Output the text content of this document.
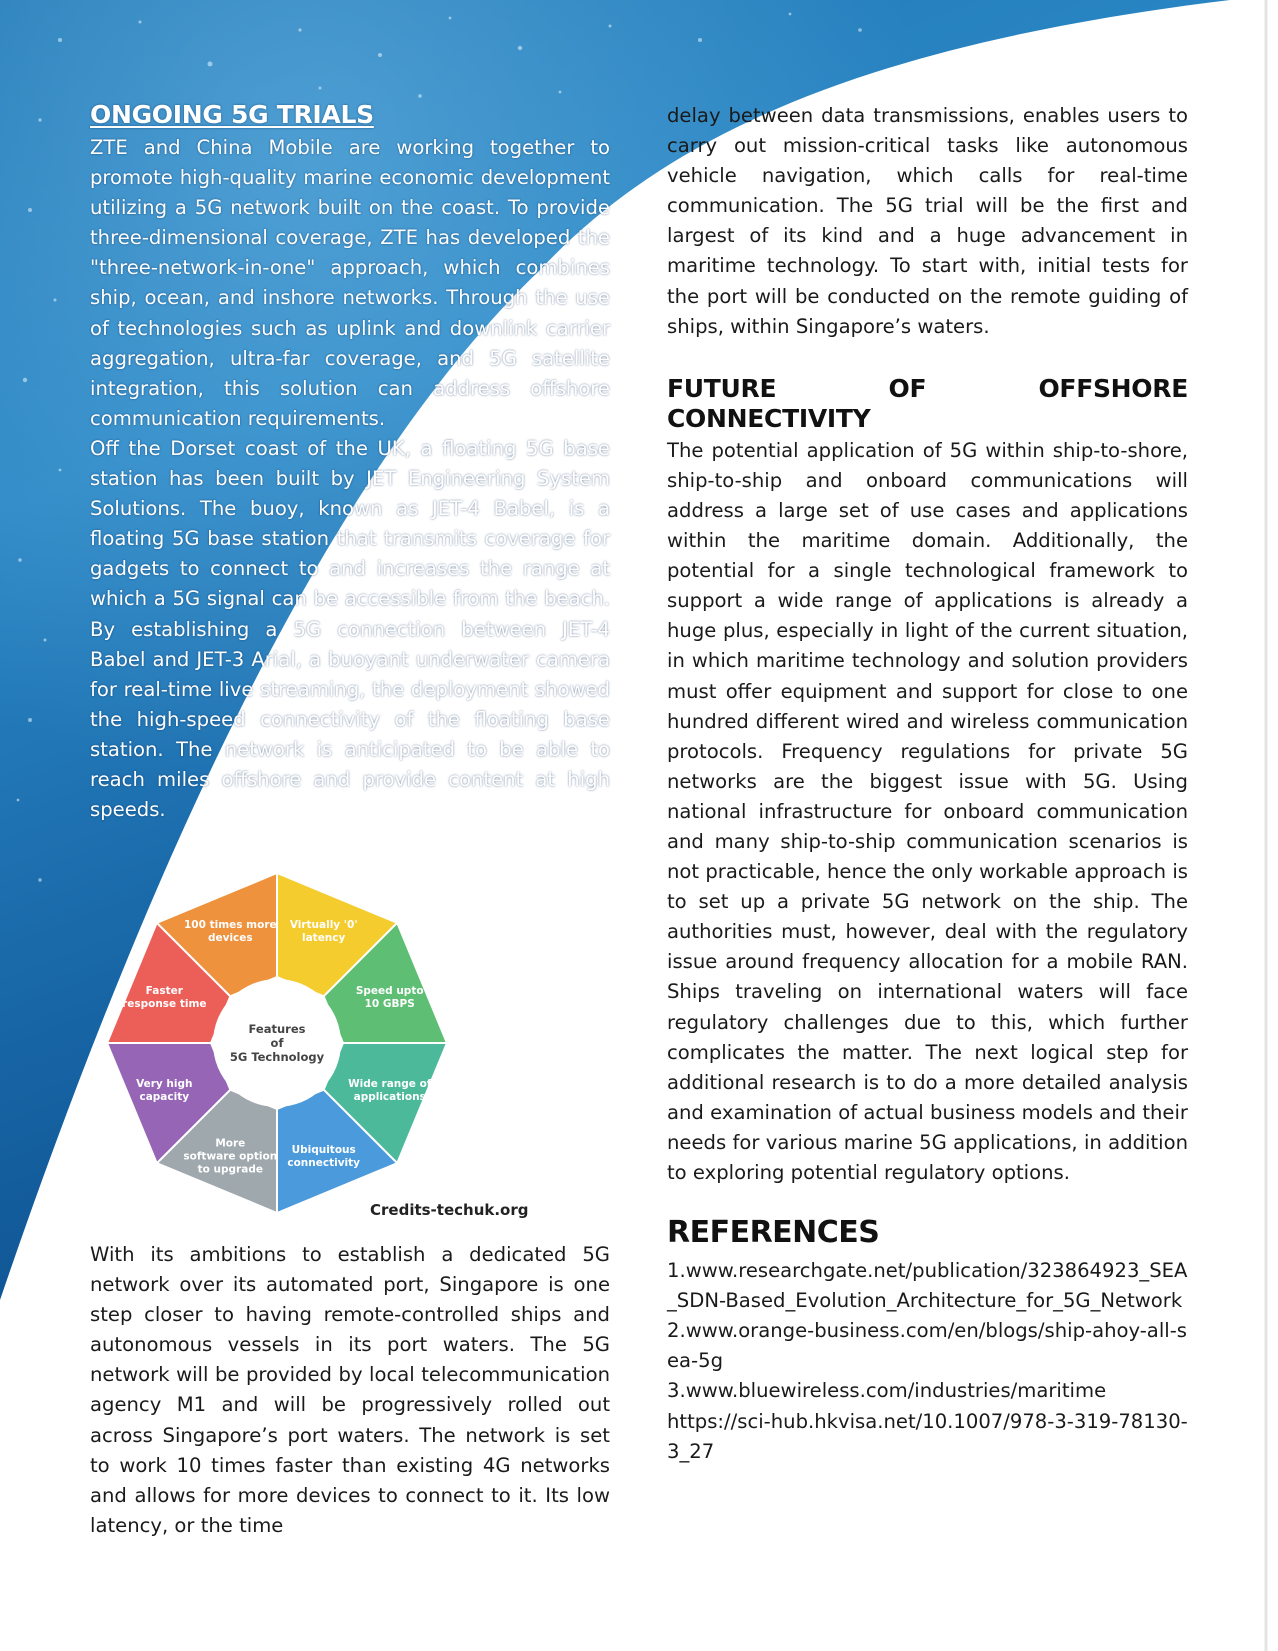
ONGOING 5G TRIALS

ZTE and China Mobile are working together to promote high-quality marine economic development utilizing a 5G network built on the coast. To provide three-dimensional coverage, ZTE has developed the "three-network-in-one" approach, which combines ship, ocean, and inshore networks. Through the use of technologies such as uplink and downlink carrier aggregation, ultra-far coverage, and 5G satellite integration, this solution can address offshore communication requirements.

Off the Dorset coast of the UK, a floating 5G base station has been built by JET Engineering System Solutions. The buoy, known as JET-4 Babel, is a floating 5G base station that transmits coverage for gadgets to connect to and increases the range at which a 5G signal can be accessible from the beach. By establishing a 5G connection between JET-4 Babel and JET-3 Arial, a buoyant underwater camera for real-time live streaming, the deployment showed the high-speed connectivity of the floating base station. The network is anticipated to be able to reach miles offshore and provide content at high speeds.

Virtually '0'
latency
Speed upto
10 GBPS
Wide range of
applications
Ubiquitous
connectivity
More
software option
to upgrade
Very high
capacity
Faster
response time
100 times more
devices
Features
of
5G Technology
Credits-techuk.org

With its ambitions to establish a dedicated 5G network over its automated port, Singapore is one step closer to having remote-controlled ships and autonomous vessels in its port waters. The 5G network will be provided by local telecommunication agency M1 and will be progressively rolled out across Singapore’s port waters. The network is set to work 10 times faster than existing 4G networks and allows for more devices to connect to it. Its low latency, or the time

delay between data transmissions, enables users to carry out mission-critical tasks like autonomous vehicle navigation, which calls for real-time communication. The 5G trial will be the first and largest of its kind and a huge advancement in maritime technology. To start with, initial tests for the port will be conducted on the remote guiding of ships, within Singapore’s waters.

FUTURE OF OFFSHORE CONNECTIVITY

The potential application of 5G within ship-to-shore, ship-to-ship and onboard communications will address a large set of use cases and applications within the maritime domain. Additionally, the potential for a single technological framework to support a wide range of applications is already a huge plus, especially in light of the current situation, in which maritime technology and solution providers must offer equipment and support for close to one hundred different wired and wireless communication protocols. Frequency regulations for private 5G networks are the biggest issue with 5G. Using national infrastructure for onboard communication and many ship-to-ship communication scenarios is not practicable, hence the only workable approach is to set up a private 5G network on the ship. The authorities must, however, deal with the regulatory issue around frequency allocation for a mobile RAN. Ships traveling on international waters will face regulatory challenges due to this, which further complicates the matter. The next logical step for additional research is to do a more detailed analysis and examination of actual business models and their needs for various marine 5G applications, in addition to exploring potential regulatory options.

REFERENCES

1.www.researchgate.net/publication/323864923_SEA_SDN-Based_Evolution_Architecture_for_5G_Network

2.www.orange-business.com/en/blogs/ship-ahoy-all-sea-5g

3.www.bluewireless.com/industries/maritime

https://sci-hub.hkvisa.net/10.1007/978-3-319-78130-3_27
